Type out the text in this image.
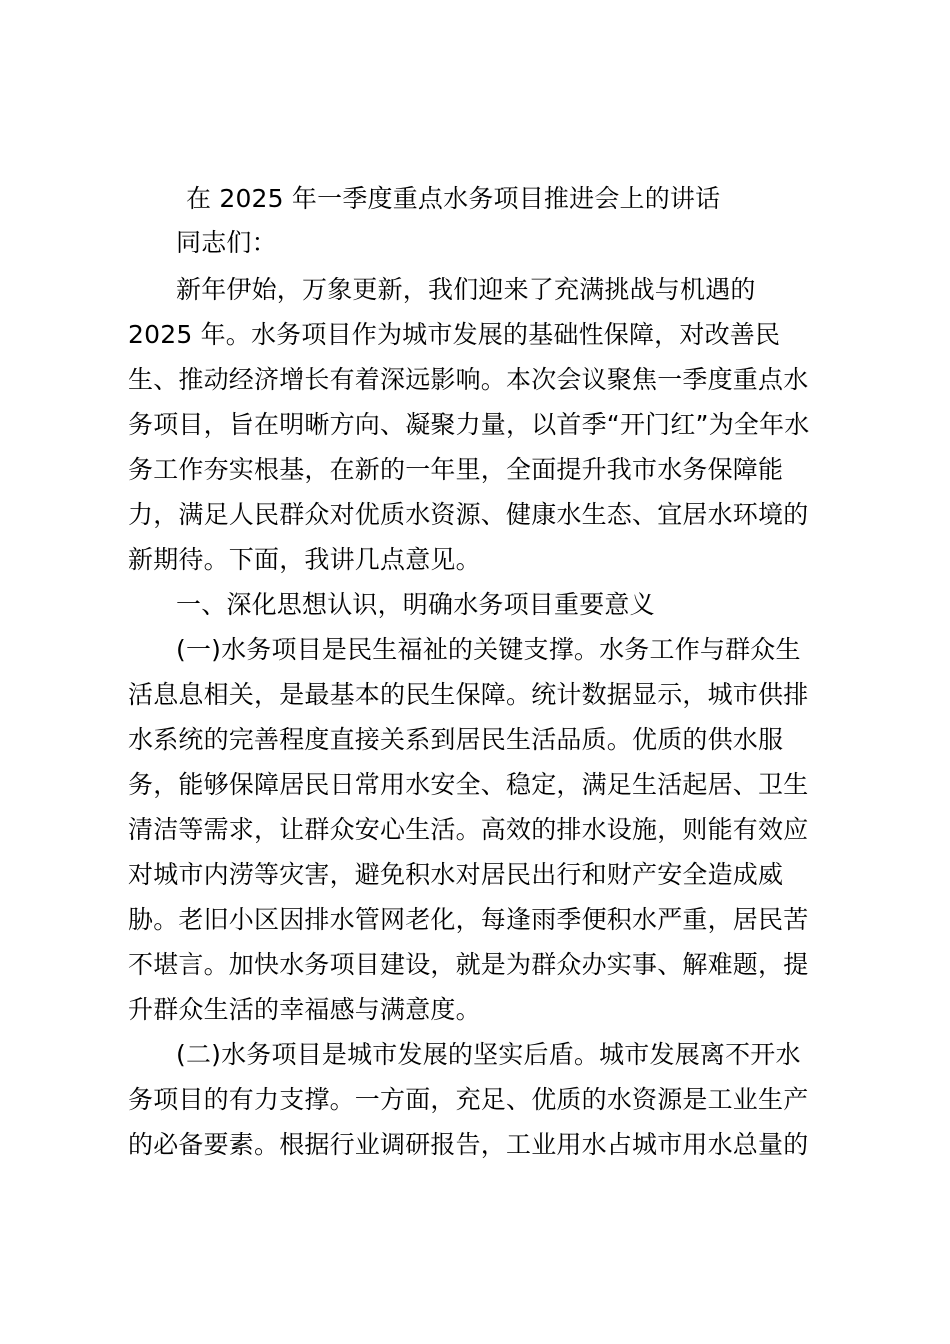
在 2025 年一季度重点水务项目推进会上的讲话
同志们：
新年伊始，万象更新，我们迎来了充满挑战与机遇的
2025 年。水务项目作为城市发展的基础性保障，对改善民
生、推动经济增长有着深远影响。本次会议聚焦一季度重点水
务项目，旨在明晰方向、凝聚力量，以首季“开门红”为全年水
务工作夯实根基，在新的一年里，全面提升我市水务保障能
力，满足人民群众对优质水资源、健康水生态、宜居水环境的
新期待。下面，我讲几点意见。
一、深化思想认识，明确水务项目重要意义
(一)水务项目是民生福祉的关键支撑。水务工作与群众生
活息息相关，是最基本的民生保障。统计数据显示，城市供排
水系统的完善程度直接关系到居民生活品质。优质的供水服
务，能够保障居民日常用水安全、稳定，满足生活起居、卫生
清洁等需求，让群众安心生活。高效的排水设施，则能有效应
对城市内涝等灾害，避免积水对居民出行和财产安全造成威
胁。老旧小区因排水管网老化，每逢雨季便积水严重，居民苦
不堪言。加快水务项目建设，就是为群众办实事、解难题，提
升群众生活的幸福感与满意度。
(二)水务项目是城市发展的坚实后盾。城市发展离不开水
务项目的有力支撑。一方面，充足、优质的水资源是工业生产
的必备要素。根据行业调研报告，工业用水占城市用水总量的
